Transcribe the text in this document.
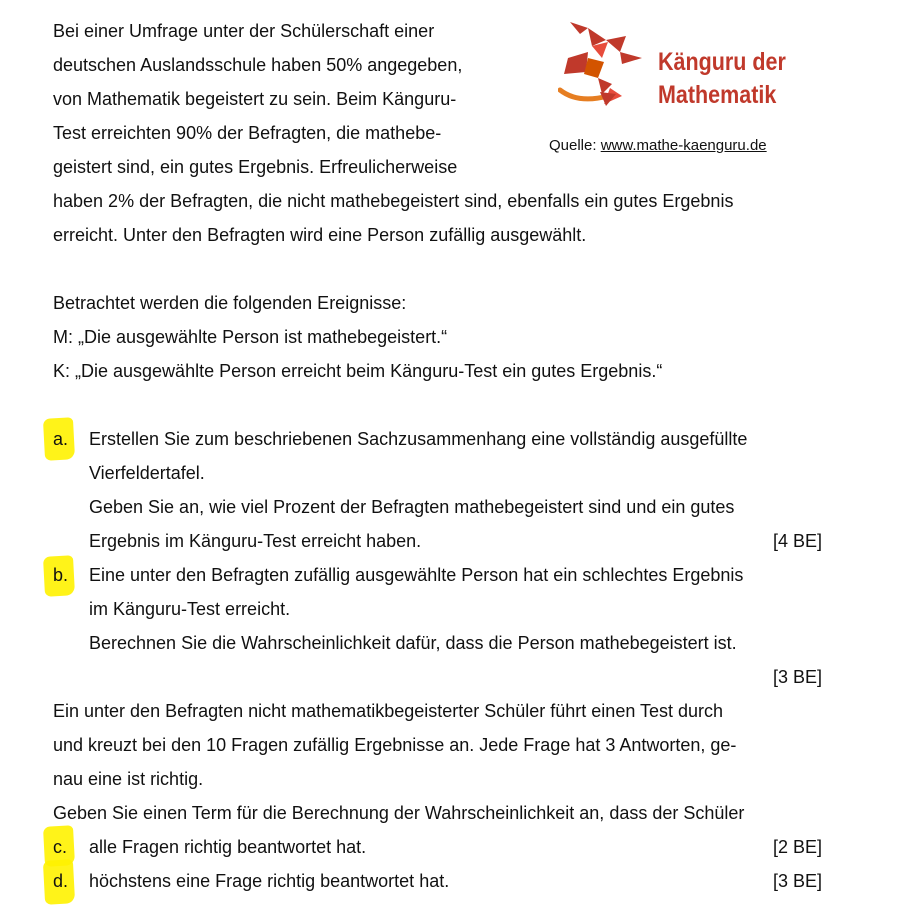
Känguru der
Mathematik
Quelle: www.mathe-kaenguru.de
Bei einer Umfrage unter der Schülerschaft einer
deutschen Auslandsschule haben 50% angegeben,
von Mathematik begeistert zu sein. Beim Känguru-
Test erreichten 90% der Befragten, die mathebe-
geistert sind, ein gutes Ergebnis. Erfreulicherweise
haben 2% der Befragten, die nicht mathebegeistert sind, ebenfalls ein gutes Ergebnis
erreicht. Unter den Befragten wird eine Person zufällig ausgewählt.
Betrachtet werden die folgenden Ereignisse:
M: „Die ausgewählte Person ist mathebegeistert.“
K: „Die ausgewählte Person erreicht beim Känguru-Test ein gutes Ergebnis.“
a. Erstellen Sie zum beschriebenen Sachzusammenhang eine vollständig ausgefüllte
Vierfeldertafel.
Geben Sie an, wie viel Prozent der Befragten mathebegeistert sind und ein gutes
Ergebnis im Känguru-Test erreicht haben.	[4 BE]
b. Eine unter den Befragten zufällig ausgewählte Person hat ein schlechtes Ergebnis
im Känguru-Test erreicht.
Berechnen Sie die Wahrscheinlichkeit dafür, dass die Person mathebegeistert ist.
[3 BE]
Ein unter den Befragten nicht mathematikbegeisterter Schüler führt einen Test durch
und kreuzt bei den 10 Fragen zufällig Ergebnisse an. Jede Frage hat 3 Antworten, ge-
nau eine ist richtig.
Geben Sie einen Term für die Berechnung der Wahrscheinlichkeit an, dass der Schüler
c. alle Fragen richtig beantwortet hat.	[2 BE]
d. höchstens eine Frage richtig beantwortet hat.	[3 BE]
